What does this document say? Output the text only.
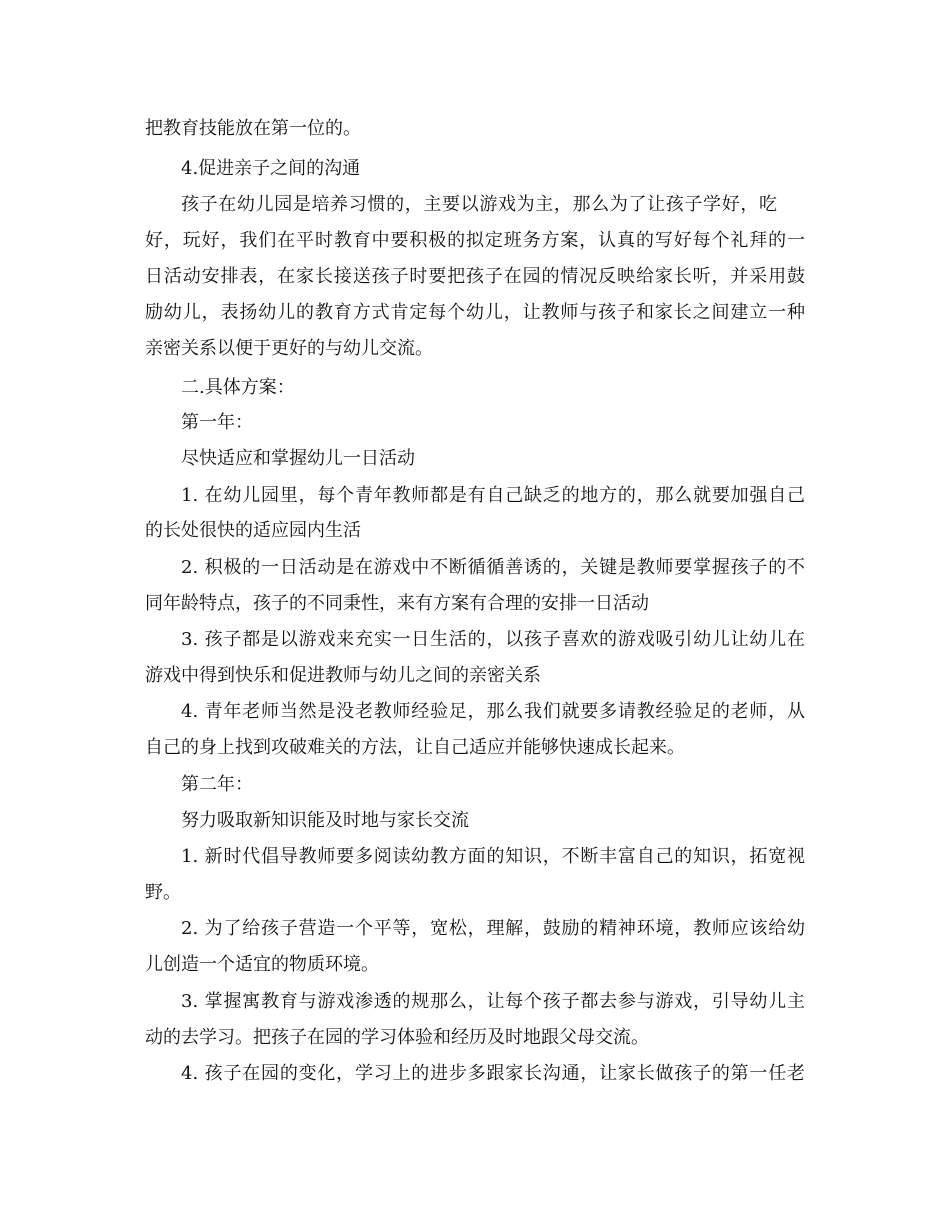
把教育技能放在第一位的。
4.促进亲子之间的沟通
孩子在幼儿园是培养习惯的，主要以游戏为主，那么为了让孩子学好，吃
好，玩好，我们在平时教育中要积极的拟定班务方案，认真的写好每个礼拜的一
日活动安排表，在家长接送孩子时要把孩子在园的情况反映给家长听，并采用鼓
励幼儿，表扬幼儿的教育方式肯定每个幼儿，让教师与孩子和家长之间建立一种
亲密关系以便于更好的与幼儿交流。
二.具体方案：
第一年：
尽快适应和掌握幼儿一日活动
1. 在幼儿园里，每个青年教师都是有自己缺乏的地方的，那么就要加强自己
的长处很快的适应园内生活
2. 积极的一日活动是在游戏中不断循循善诱的，关键是教师要掌握孩子的不
同年龄特点，孩子的不同秉性，来有方案有合理的安排一日活动
3. 孩子都是以游戏来充实一日生活的，以孩子喜欢的游戏吸引幼儿让幼儿在
游戏中得到快乐和促进教师与幼儿之间的亲密关系
4. 青年老师当然是没老教师经验足，那么我们就要多请教经验足的老师，从
自己的身上找到攻破难关的方法，让自己适应并能够快速成长起来。
第二年：
努力吸取新知识能及时地与家长交流
1. 新时代倡导教师要多阅读幼教方面的知识，不断丰富自己的知识，拓宽视
野。
2. 为了给孩子营造一个平等，宽松，理解，鼓励的精神环境，教师应该给幼
儿创造一个适宜的物质环境。
3. 掌握寓教育与游戏渗透的规那么，让每个孩子都去参与游戏，引导幼儿主
动的去学习。把孩子在园的学习体验和经历及时地跟父母交流。
4. 孩子在园的变化，学习上的进步多跟家长沟通，让家长做孩子的第一任老
